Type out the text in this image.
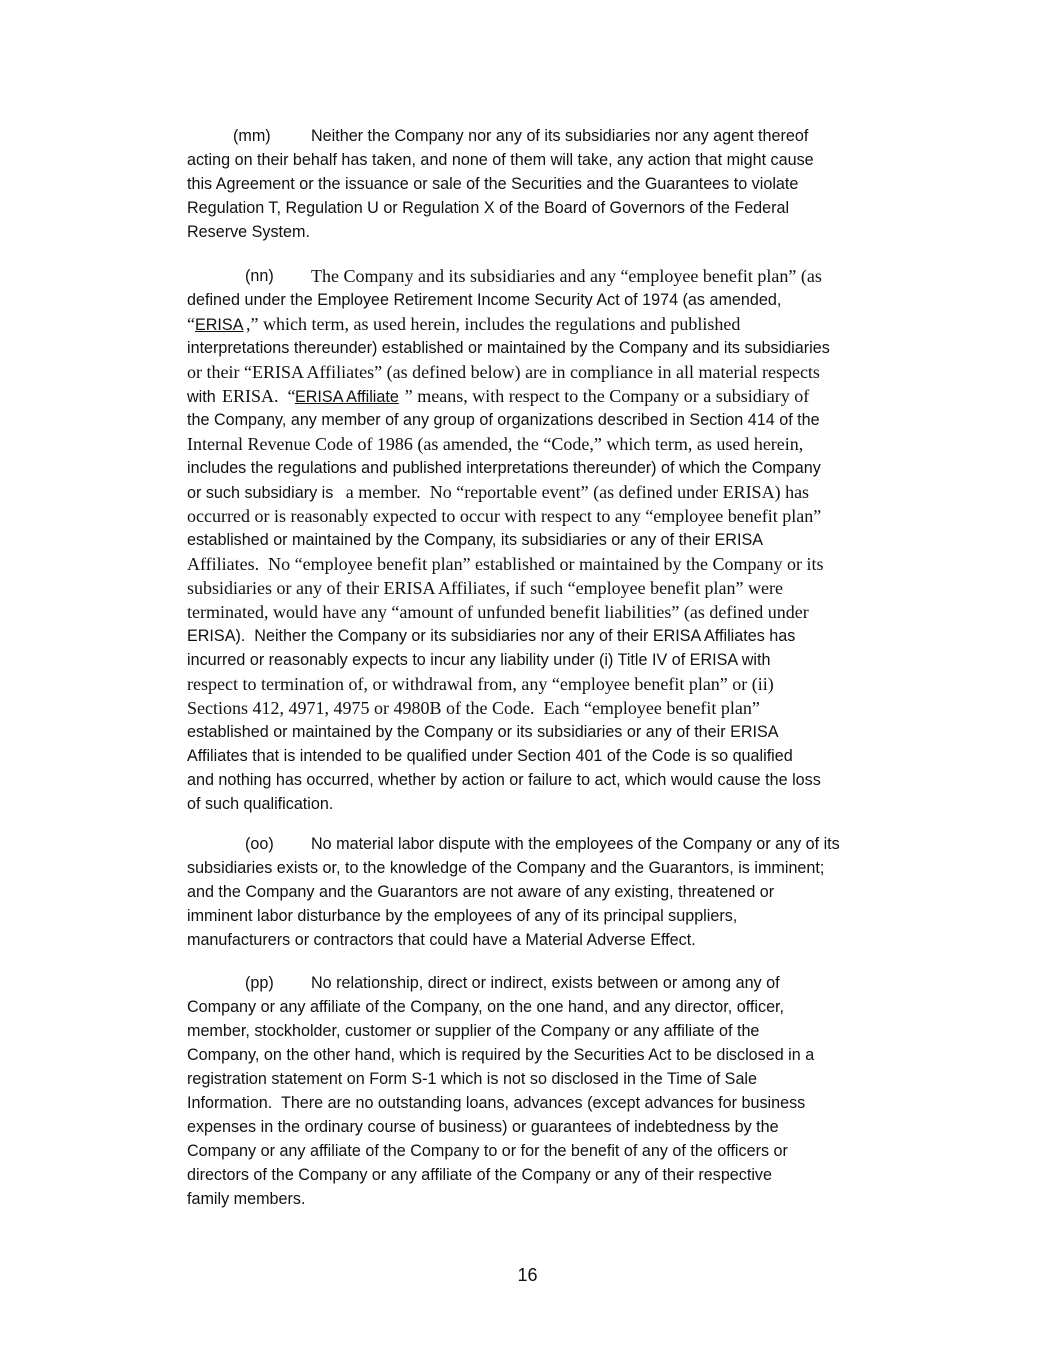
(mm) Neither the Company nor any of its subsidiaries nor any agent thereof
acting on their behalf has taken, and none of them will take, any action that might cause
this Agreement or the issuance or sale of the Securities and the Guarantees to violate
Regulation T, Regulation U or Regulation X of the Board of Governors of the Federal
Reserve System.
(nn) The Company and its subsidiaries and any “employee benefit plan” (as
defined under the Employee Retirement Income Security Act of 1974 (as amended,
“ERISA ,” which term, as used herein, includes the regulations and published
interpretations thereunder) established or maintained by the Company and its subsidiaries
or their “ERISA Affiliates” (as defined below) are in compliance in all material respects
with ERISA.  “ERISA Affiliate ” means, with respect to the Company or a subsidiary of
the Company, any member of any group of organizations described in Section 414 of the
Internal Revenue Code of 1986 (as amended, the “Code,” which term, as used herein,
includes the regulations and published interpretations thereunder) of which the Company
or such subsidiary is a member.  No “reportable event” (as defined under ERISA) has
occurred or is reasonably expected to occur with respect to any “employee benefit plan”
established or maintained by the Company, its subsidiaries or any of their ERISA
Affiliates.  No “employee benefit plan” established or maintained by the Company or its
subsidiaries or any of their ERISA Affiliates, if such “employee benefit plan” were
terminated, would have any “amount of unfunded benefit liabilities” (as defined under
ERISA).  Neither the Company or its subsidiaries nor any of their ERISA Affiliates has
incurred or reasonably expects to incur any liability under (i) Title IV of ERISA with
respect to termination of, or withdrawal from, any “employee benefit plan” or (ii)
Sections 412, 4971, 4975 or 4980B of the Code.  Each “employee benefit plan”
established or maintained by the Company or its subsidiaries or any of their ERISA
Affiliates that is intended to be qualified under Section 401 of the Code is so qualified
and nothing has occurred, whether by action or failure to act, which would cause the loss
of such qualification.
(oo) No material labor dispute with the employees of the Company or any of its
subsidiaries exists or, to the knowledge of the Company and the Guarantors, is imminent;
and the Company and the Guarantors are not aware of any existing, threatened or
imminent labor disturbance by the employees of any of its principal suppliers,
manufacturers or contractors that could have a Material Adverse Effect.
(pp) No relationship, direct or indirect, exists between or among any of
Company or any affiliate of the Company, on the one hand, and any director, officer,
member, stockholder, customer or supplier of the Company or any affiliate of the
Company, on the other hand, which is required by the Securities Act to be disclosed in a
registration statement on Form S-1 which is not so disclosed in the Time of Sale
Information.  There are no outstanding loans, advances (except advances for business
expenses in the ordinary course of business) or guarantees of indebtedness by the
Company or any affiliate of the Company to or for the benefit of any of the officers or
directors of the Company or any affiliate of the Company or any of their respective
family members.
16
